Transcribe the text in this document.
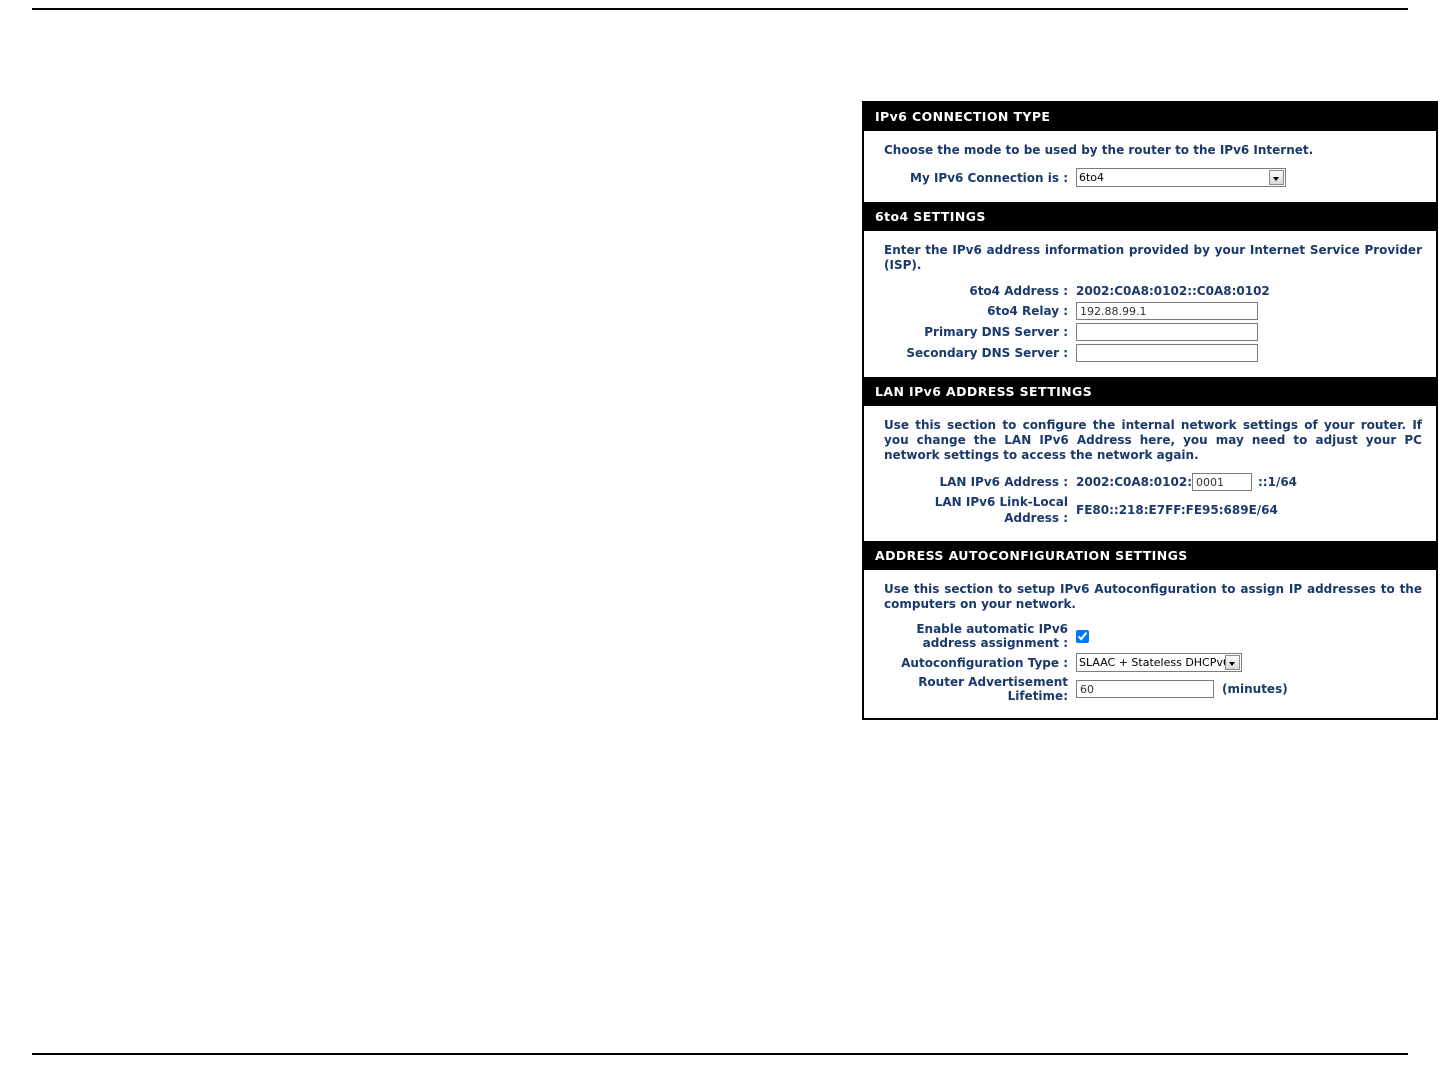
IPv6 CONNECTION TYPE
Choose the mode to be used by the router to the IPv6 Internet.
My IPv6 Connection is :
6to4
6to4 SETTINGS
Enter the IPv6 address information provided by your Internet Service Provider (ISP).
6to4 Address : 2002:C0A8:0102::C0A8:0102
6to4 Relay :
192.88.99.1
Primary DNS Server :
Secondary DNS Server :
LAN IPv6 ADDRESS SETTINGS
Use this section to configure the internal network settings of your router. If you change the LAN IPv6 Address here, you may need to adjust your PC network settings to access the network again.
LAN IPv6 Address : 2002:C0A8:0102:
0001	::1/64
LAN IPv6 Link-Local Address :
FE80::218:E7FF:FE95:689E/64
ADDRESS AUTOCONFIGURATION SETTINGS
Use this section to setup IPv6 Autoconfiguration to assign IP addresses to the computers on your network.
Enable automatic IPv6 address assignment :
Autoconfiguration Type :
SLAAC + Stateless DHCPv6
Router Advertisement Lifetime:
60	(minutes)
